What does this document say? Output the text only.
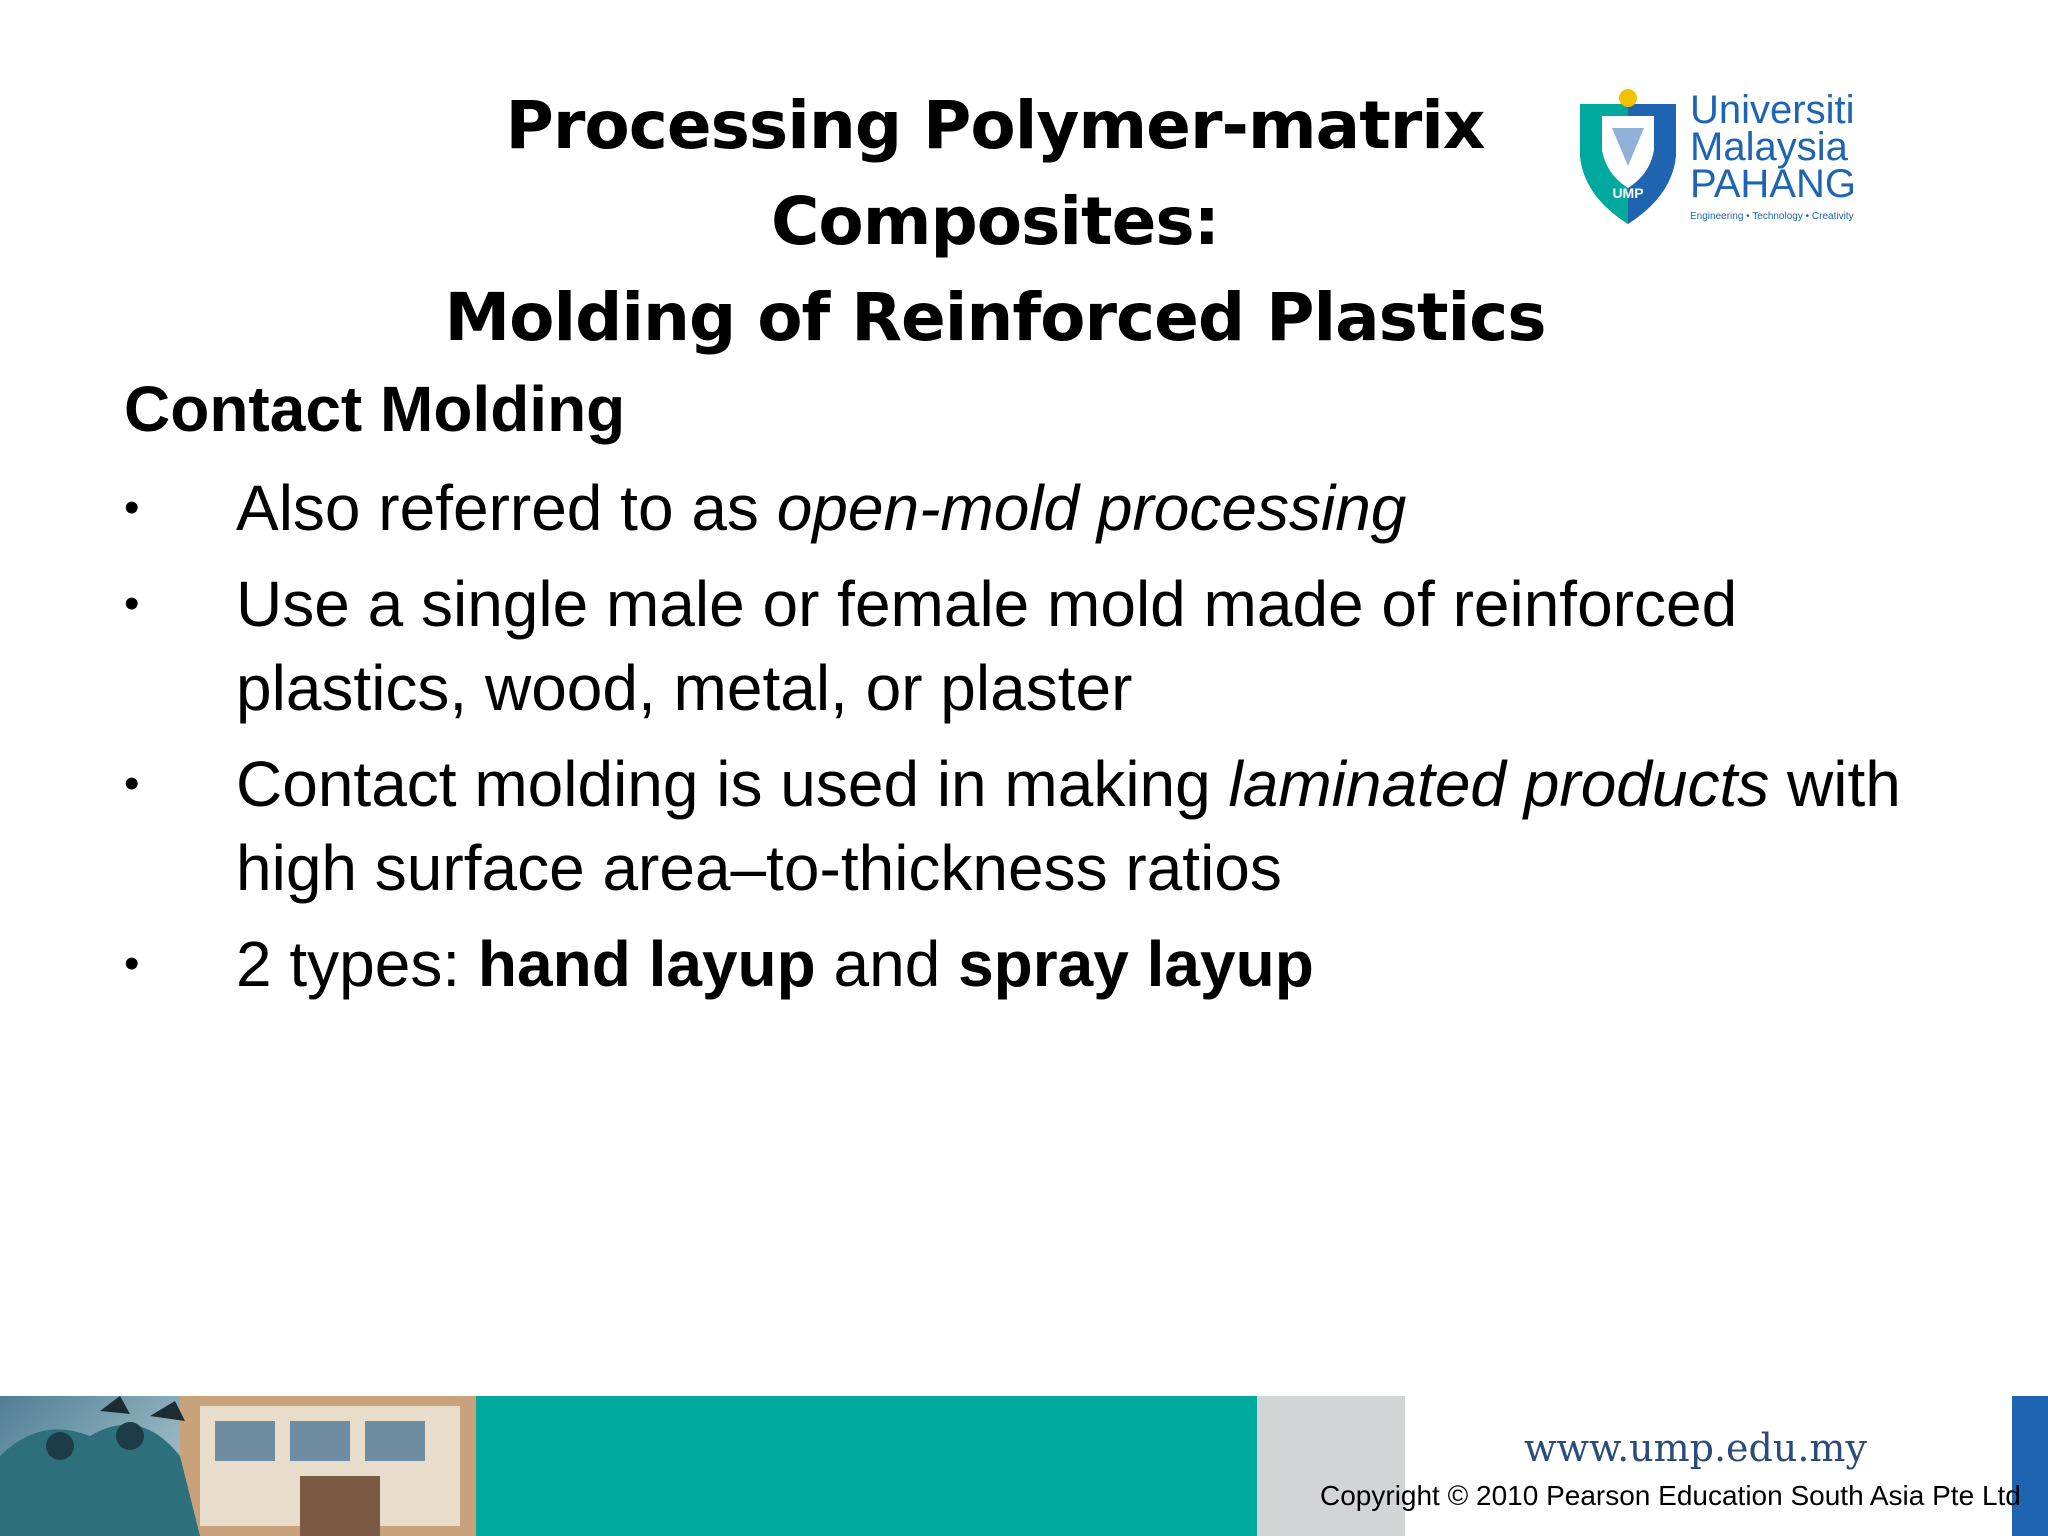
Processing Polymer-matrix Composites:
Molding of Reinforced Plastics
UMP
Universiti
Malaysia
PAHANG
Engineering • Technology • Creativity
Contact Molding
•	Also referred to as open-mold processing
•	Use a single male or female mold made of reinforced plastics, wood, metal, or plaster
•	Contact molding is used in making laminated products with high surface area–to-thickness ratios
•	2 types: hand layup and spray layup
www.ump.edu.my
Copyright © 2010 Pearson Education South Asia Pte Ltd
